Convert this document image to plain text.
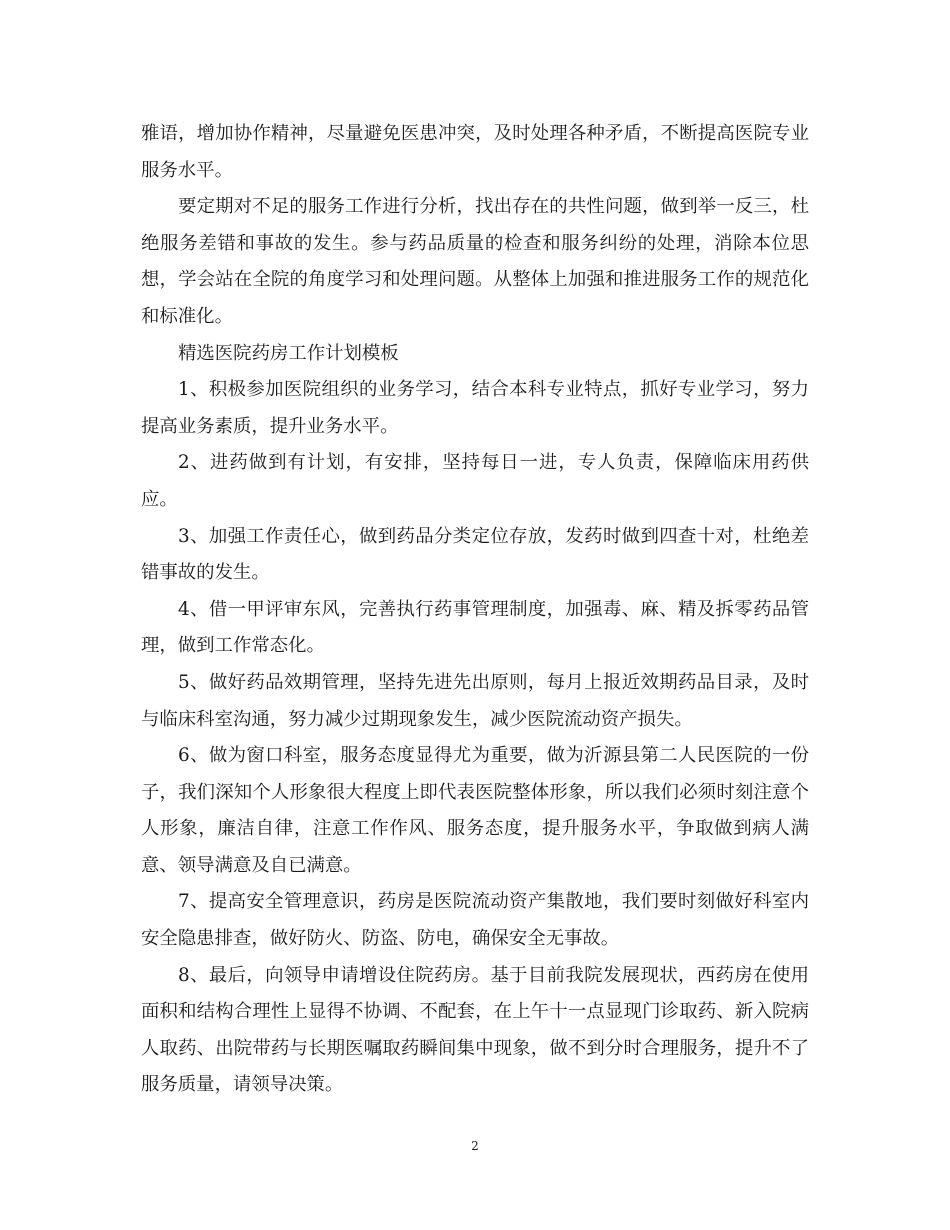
雅语，增加协作精神，尽量避免医患冲突，及时处理各种矛盾，不断提高医院专业服务水平。

要定期对不足的服务工作进行分析，找出存在的共性问题，做到举一反三，杜绝服务差错和事故的发生。参与药品质量的检查和服务纠纷的处理，消除本位思想，学会站在全院的角度学习和处理问题。从整体上加强和推进服务工作的规范化和标准化。

精选医院药房工作计划模板

1、积极参加医院组织的业务学习，结合本科专业特点，抓好专业学习，努力提高业务素质，提升业务水平。

2、进药做到有计划，有安排，坚持每日一进，专人负责，保障临床用药供应。

3、加强工作责任心，做到药品分类定位存放，发药时做到四查十对，杜绝差错事故的发生。

4、借一甲评审东风，完善执行药事管理制度，加强毒、麻、精及拆零药品管理，做到工作常态化。

5、做好药品效期管理，坚持先进先出原则，每月上报近效期药品目录，及时与临床科室沟通，努力减少过期现象发生，减少医院流动资产损失。

6、做为窗口科室，服务态度显得尤为重要，做为沂源县第二人民医院的一份子，我们深知个人形象很大程度上即代表医院整体形象，所以我们必须时刻注意个人形象，廉洁自律，注意工作作风、服务态度，提升服务水平，争取做到病人满意、领导满意及自已满意。

7、提高安全管理意识，药房是医院流动资产集散地，我们要时刻做好科室内安全隐患排查，做好防火、防盗、防电，确保安全无事故。

8、最后，向领导申请增设住院药房。基于目前我院发展现状，西药房在使用面积和结构合理性上显得不协调、不配套，在上午十一点显现门诊取药、新入院病人取药、出院带药与长期医嘱取药瞬间集中现象，做不到分时合理服务，提升不了服务质量，请领导决策。

2
